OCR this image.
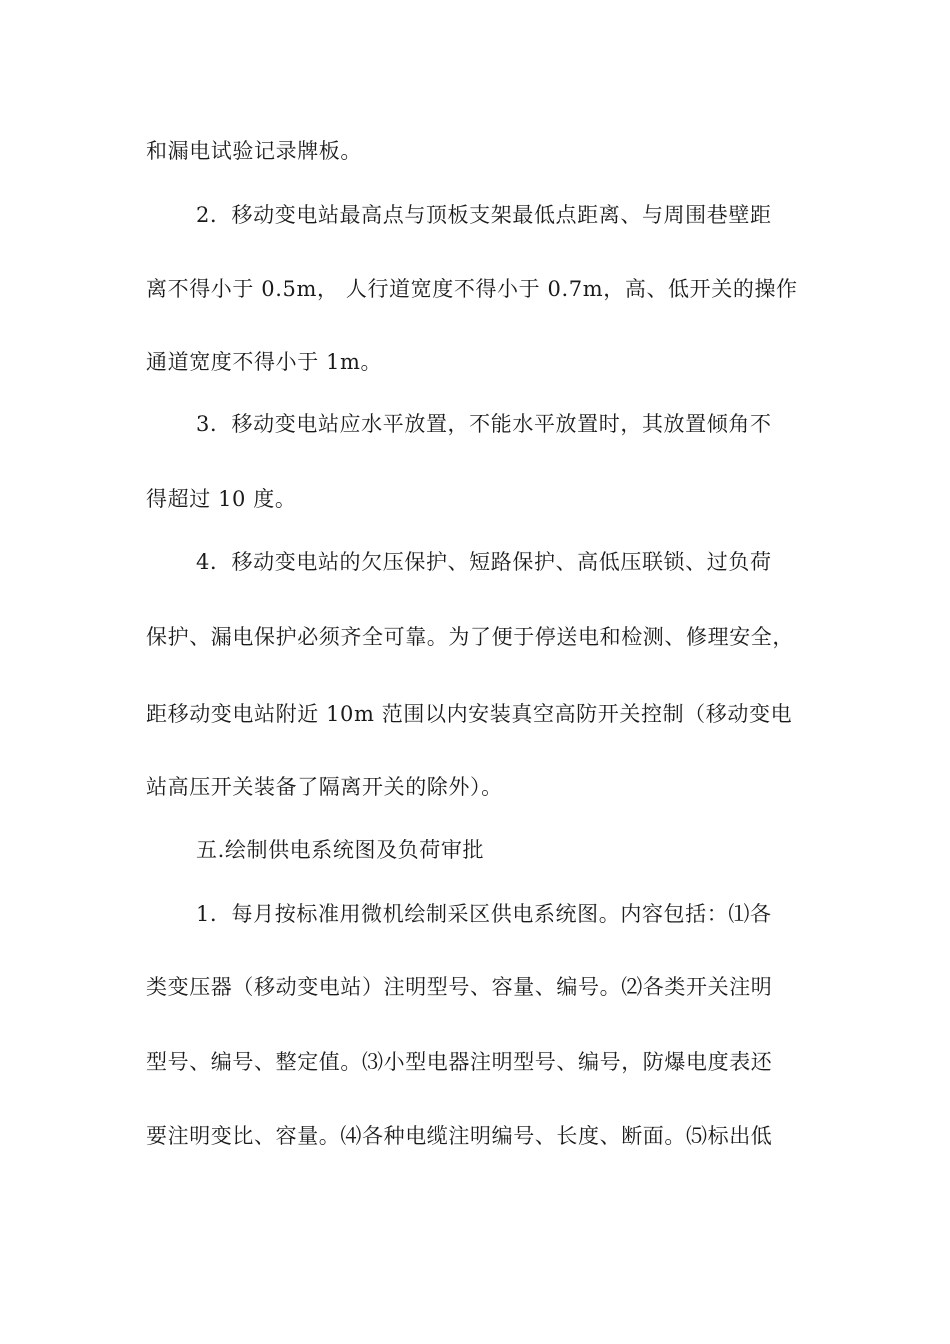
和漏电试验记录牌板。
2．移动变电站最高点与顶板支架最低点距离、与周围巷壁距
离不得小于 0.5m， 人行道宽度不得小于 0.7m，高、低开关的操作
通道宽度不得小于 1m。
3．移动变电站应水平放置，不能水平放置时，其放置倾角不
得超过 10 度。
4．移动变电站的欠压保护、短路保护、高低压联锁、过负荷
保护、漏电保护必须齐全可靠。为了便于停送电和检测、修理安全，
距移动变电站附近 10m 范围以内安装真空高防开关控制（移动变电
站高压开关装备了隔离开关的除外）。
五.绘制供电系统图及负荷审批
1．每月按标准用微机绘制采区供电系统图。内容包括：⑴各
类变压器（移动变电站）注明型号、容量、编号。⑵各类开关注明
型号、编号、整定值。⑶小型电器注明型号、编号，防爆电度表还
要注明变比、容量。⑷各种电缆注明编号、长度、断面。⑸标出低
